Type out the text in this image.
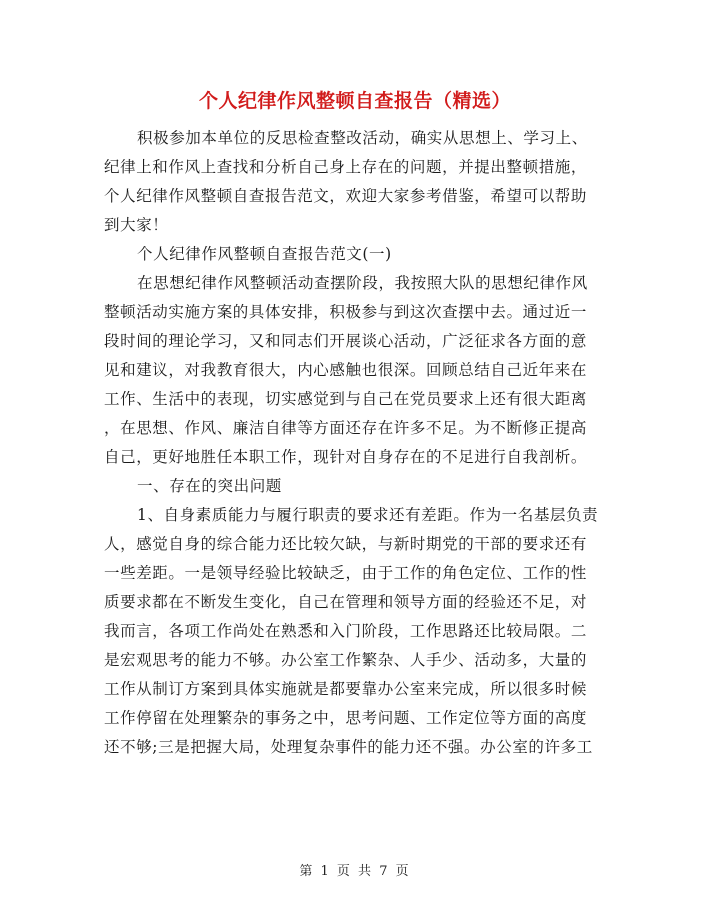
个人纪律作风整顿自查报告（精选）
积极参加本单位的反思检查整改活动，确实从思想上、学习上、
纪律上和作风上查找和分析自己身上存在的问题，并提出整顿措施，
个人纪律作风整顿自查报告范文，欢迎大家参考借鉴，希望可以帮助
到大家！
个人纪律作风整顿自查报告范文(一)
在思想纪律作风整顿活动查摆阶段，我按照大队的思想纪律作风
整顿活动实施方案的具体安排，积极参与到这次查摆中去。通过近一
段时间的理论学习，又和同志们开展谈心活动，广泛征求各方面的意
见和建议，对我教育很大，内心感触也很深。回顾总结自己近年来在
工作、生活中的表现，切实感觉到与自己在党员要求上还有很大距离
，在思想、作风、廉洁自律等方面还存在许多不足。为不断修正提高
自己，更好地胜任本职工作，现针对自身存在的不足进行自我剖析。
一、存在的突出问题
1、自身素质能力与履行职责的要求还有差距。作为一名基层负责
人，感觉自身的综合能力还比较欠缺，与新时期党的干部的要求还有
一些差距。一是领导经验比较缺乏，由于工作的角色定位、工作的性
质要求都在不断发生变化，自己在管理和领导方面的经验还不足，对
我而言，各项工作尚处在熟悉和入门阶段，工作思路还比较局限。二
是宏观思考的能力不够。办公室工作繁杂、人手少、活动多，大量的
工作从制订方案到具体实施就是都要靠办公室来完成，所以很多时候
工作停留在处理繁杂的事务之中，思考问题、工作定位等方面的高度
还不够;三是把握大局，处理复杂事件的能力还不强。办公室的许多工
第 1 页 共 7 页
